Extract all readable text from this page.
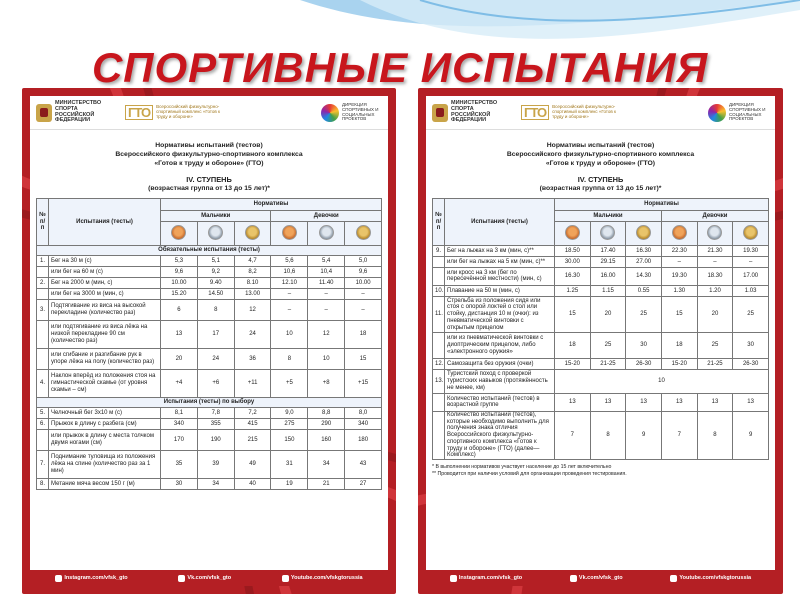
СПОРТИВНЫЕ ИСПЫТАНИЯ
МИНИСТЕРСТВО СПОРТА РОССИЙСКОЙ ФЕДЕРАЦИИ
ГТО	Всероссийский физкультурно-спортивный комплекс «Готов к труду и обороне»
ДИРЕКЦИЯ СПОРТИВНЫХ И СОЦИАЛЬНЫХ ПРОЕКТОВ
Нормативы испытаний (тестов)
Всероссийского физкультурно-спортивного комплекса
«Готов к труду и обороне» (ГТО)
IV. СТУПЕНЬ
(возрастная группа от 13 до 15 лет)*
№ п/п	Испытания (тесты)	Нормативы					
		Мальчики			Девочки		

Обязательные испытания (тесты)							
1.	Бег на 30 м (с)	5,3	5,1	4,7	5,6	5,4	5,0
	или бег на 60 м (с)	9,6	9,2	8,2	10,6	10,4	9,6
2.	Бег на 2000 м (мин, с)	10.00	9.40	8.10	12.10	11.40	10.00
	или бег на 3000 м (мин, с)	15.20	14.50	13.00	–	–	–
3.	Подтягивание из виса на высокой перекладине (количество раз)	6	8	12	–	–	–
	или подтягивание из виса лёжа на низкой перекладине 90 см (количество раз)	13	17	24	10	12	18
	или сгибание и разгибание рук в упоре лёжа на полу (количество раз)	20	24	36	8	10	15
4.	Наклон вперёд из положения стоя на гимнастической скамье (от уровня скамьи – см)	+4	+6	+11	+5	+8	+15
Испытания (тесты) по выбору							
5.	Челночный бег 3х10 м (с)	8,1	7,8	7,2	9,0	8,8	8,0
6.	Прыжок в длину с разбега (см)	340	355	415	275	290	340
	или прыжок в длину с места толчком двумя ногами (см)	170	190	215	150	160	180
7.	Поднимание туловища из положения лёжа на спине (количество раз за 1 мин)	35	39	49	31	34	43
8.	Метание мяча весом 150 г (м)	30	34	40	19	21	27
Instagram.com/vfsk_gto	Vk.com/vfsk_gto	Youtube.com/vfskgtorussia
МИНИСТЕРСТВО СПОРТА РОССИЙСКОЙ ФЕДЕРАЦИИ
ГТО	Всероссийский физкультурно-спортивный комплекс «Готов к труду и обороне»
ДИРЕКЦИЯ СПОРТИВНЫХ И СОЦИАЛЬНЫХ ПРОЕКТОВ
Нормативы испытаний (тестов)
Всероссийского физкультурно-спортивного комплекса
«Готов к труду и обороне» (ГТО)
IV. СТУПЕНЬ
(возрастная группа от 13 до 15 лет)*
№ п/п	Испытания (тесты)	Нормативы					
		Мальчики			Девочки		

9.	Бег на лыжах на 3 км (мин, с)**	18.50	17.40	16.30	22.30	21.30	19.30
	или бег на лыжах на 5 км (мин, с)**	30.00	29.15	27.00	–	–	–
	или кросс на 3 км (бег по пересечённой местности) (мин, с)	16.30	16.00	14.30	19.30	18.30	17.00
10.	Плавание на 50 м (мин, с)	1.25	1.15	0.55	1.30	1.20	1.03
11.	Стрельба из положения сидя или стоя с опорой локтей о стол или стойку, дистанция 10 м (очки): из пневматической винтовки с открытым прицелом	15	20	25	15	20	25
	или из пневматической винтовки с диоптрическим прицелом, либо «электронного оружия»	18	25	30	18	25	30
12.	Самозащита без оружия (очки)	15-20	21-25	26-30	15-20	21-25	26-30
13.	Туристский поход с проверкой туристских навыков (протяжённость не менее, км)	10					
	Количество испытаний (тестов) в возрастной группе	13	13	13	13	13	13
	Количество испытаний (тестов), которые необходимо выполнить для получения знака отличия Всероссийского физкультурно-спортивного комплекса «Готов к труду и обороне» (ГТО) (далее—Комплекс)	7	8	9	7	8	9
* В выполнении нормативов участвует население до 15 лет включительно
** Проводится при наличии условий для организации проведения тестирования.
Instagram.com/vfsk_gto	Vk.com/vfsk_gto	Youtube.com/vfskgtorussia
